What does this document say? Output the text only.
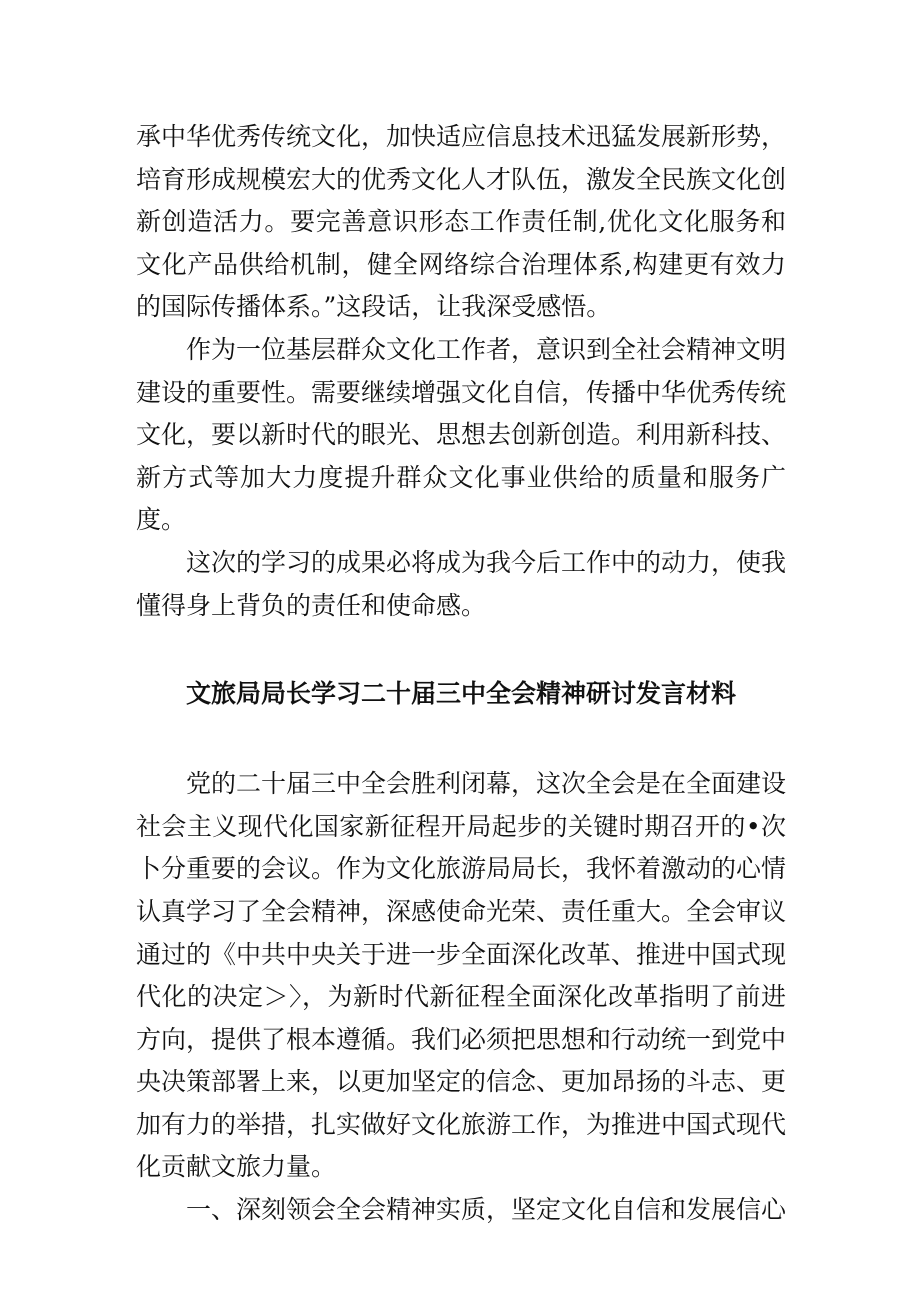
承中华优秀传统文化，加快适应信息技术迅猛发展新形势，培育形成规模宏大的优秀文化人才队伍，激发全民族文化创新创造活力。要完善意识形态工作责任制,优化文化服务和文化产品供给机制，健全网络综合治理体系,构建更有效力的国际传播体系。”这段话，让我深受感悟。

作为一位基层群众文化工作者，意识到全社会精神文明建设的重要性。需要继续增强文化自信，传播中华优秀传统文化，要以新时代的眼光、思想去创新创造。利用新科技、新方式等加大力度提升群众文化事业供给的质量和服务广度。

这次的学习的成果必将成为我今后工作中的动力，使我懂得身上背负的责任和使命感。

文旅局局长学习二十届三中全会精神研讨发言材料

党的二十届三中全会胜利闭幕，这次全会是在全面建设社会主义现代化国家新征程开局起步的关键时期召开的•次卜分重要的会议。作为文化旅游局局长，我怀着激动的心情认真学习了全会精神，深感使命光荣、责任重大。全会审议通过的《中共中央关于进一步全面深化改革、推进中国式现代化的决定＞〉，为新时代新征程全面深化改革指明了前进方向，提供了根本遵循。我们必须把思想和行动统一到党中央决策部署上来，以更加坚定的信念、更加昂扬的斗志、更加有力的举措，扎实做好文化旅游工作，为推进中国式现代化贡献文旅力量。

一、深刻领会全会精神实质，坚定文化自信和发展信心
